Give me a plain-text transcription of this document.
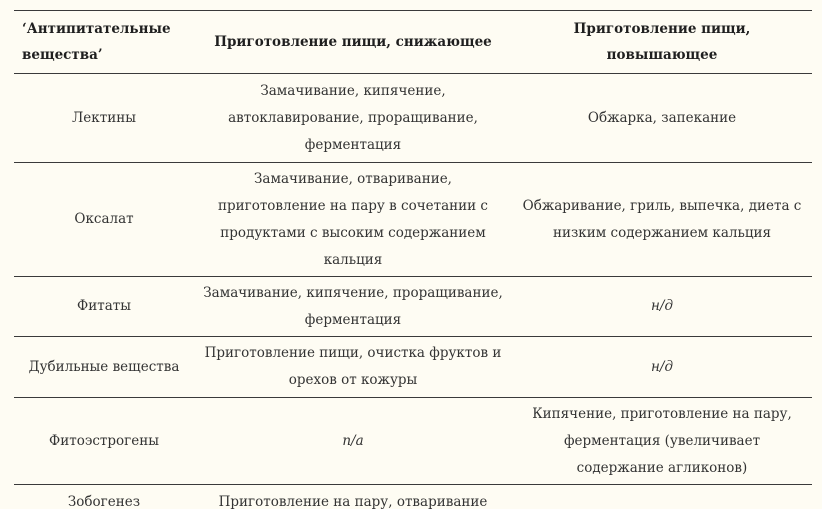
‘Антипитательные вещества’	Приготовление пищи, снижающее	Приготовление пищи, повышающее
Лектины	Замачивание, кипячение, автоклавирование, проращивание, ферментация	Обжарка, запекание
Оксалат	Замачивание, отваривание, приготовление на пару в сочетании с продуктами с высоким содержанием кальция	Обжаривание, гриль, выпечка, диета с низким содержанием кальция
Фитаты	Замачивание, кипячение, проращивание, ферментация	н/д
Дубильные вещества	Приготовление пищи, очистка фруктов и орехов от кожуры	н/д
Фитоэстрогены	n/a	Кипячение, приготовление на пару, ферментация (увеличивает содержание агликонов)
Зобогенез	Приготовление на пару, отваривание	
